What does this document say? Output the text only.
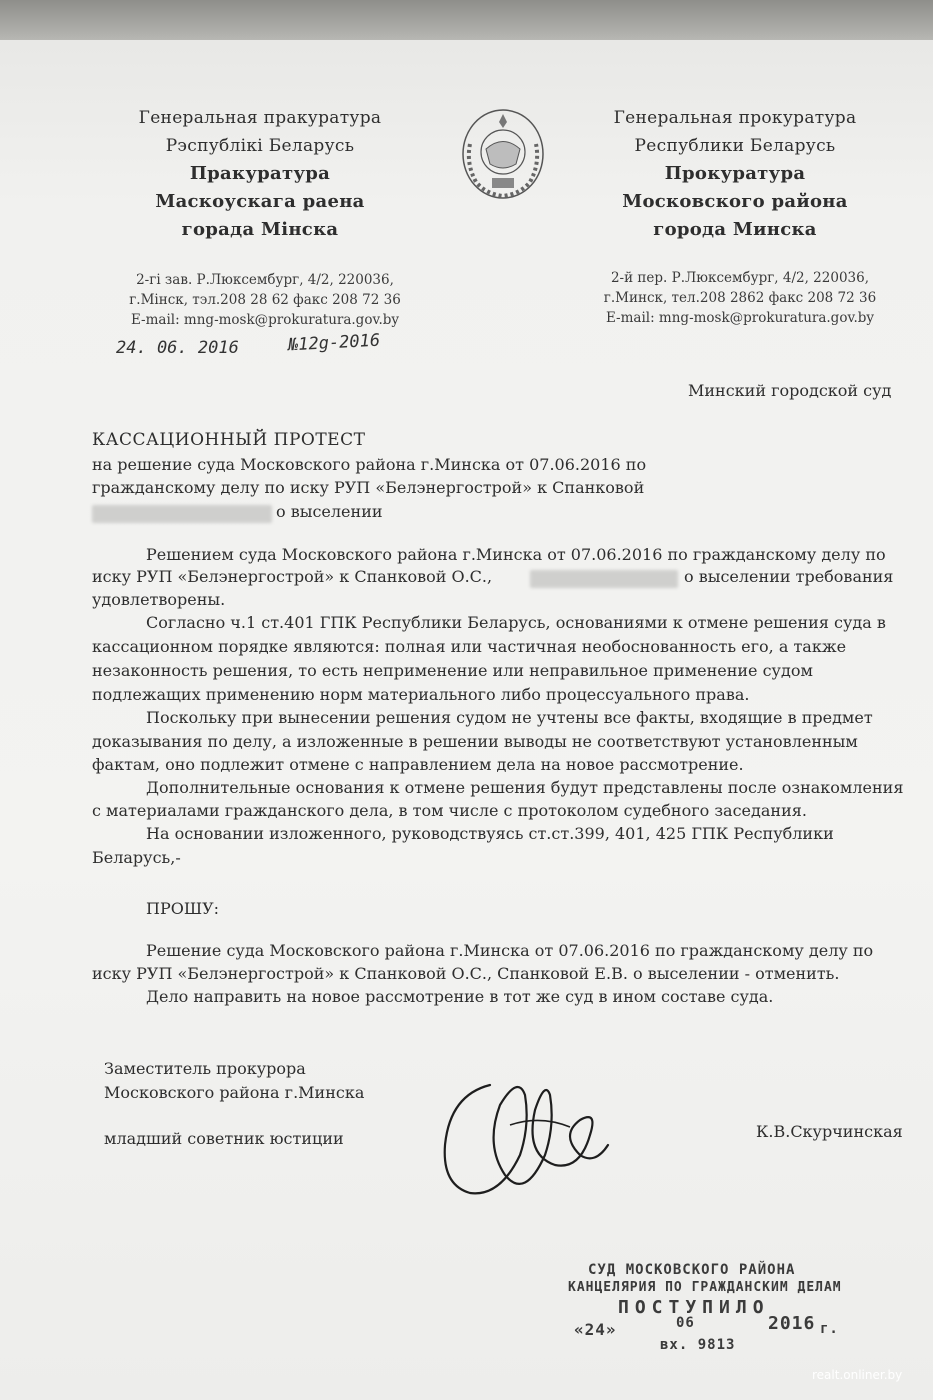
Генеральная пракуратура
Рэспублікі Беларусь
Пракуратура
Маскоускага раена
горада Мінска
2-гі зав. Р.Люксембург, 4/2, 220036,
г.Мінск, тэл.208 28 62 факс 208 72 36
E-mail: mng-mosk@prokuratura.gov.by
24. 06. 2016	№12g-2016
Генеральная прокуратура
Республики Беларусь
Прокуратура
Московского района
города Минска
2-й пер. Р.Люксембург, 4/2, 220036,
г.Минск, тел.208 2862 факс 208 72 36
E-mail: mng-mosk@prokuratura.gov.by
Минский городской суд
КАССАЦИОННЫЙ ПРОТЕСТ
на решение суда Московского района г.Минска от 07.06.2016 по
гражданскому делу по иску РУП «Белэнергострой» к Спанковой
о выселении
Решением суда Московского района г.Минска от 07.06.2016 по гражданскому делу по
иску РУП «Белэнергострой» к Спанковой О.С.,	о выселении требования
удовлетворены.
Согласно ч.1 ст.401 ГПК Республики Беларусь, основаниями к отмене решения суда в
кассационном порядке являются: полная или частичная необоснованность его, а также
незаконность решения, то есть неприменение или неправильное применение судом
подлежащих применению норм материального либо процессуального права.
Поскольку при вынесении решения судом не учтены все факты, входящие в предмет
доказывания по делу, а изложенные в решении выводы не соответствуют установленным
фактам, оно подлежит отмене с направлением дела на новое рассмотрение.
Дополнительные основания к отмене решения будут представлены после ознакомления
с материалами гражданского дела, в том числе с протоколом судебного заседания.
На основании изложенного, руководствуясь ст.ст.399, 401, 425 ГПК Республики
Беларусь,-
ПРОШУ:
Решение суда Московского района г.Минска от 07.06.2016 по гражданскому делу по
иску РУП «Белэнергострой» к Спанковой О.С., Спанковой Е.В. о выселении - отменить.
Дело направить на новое рассмотрение в тот же суд в ином составе суда.
Заместитель прокурора
Московского района г.Минска
младший советник юстиции	К.В.Скурчинская
СУД МОСКОВСКОГО РАЙОНА
КАНЦЕЛЯРИЯ ПО ГРАЖДАНСКИМ ДЕЛАМ
ПОСТУПИЛО
«24»	06	2016 г.
вх. 9813
realt.onliner.by
